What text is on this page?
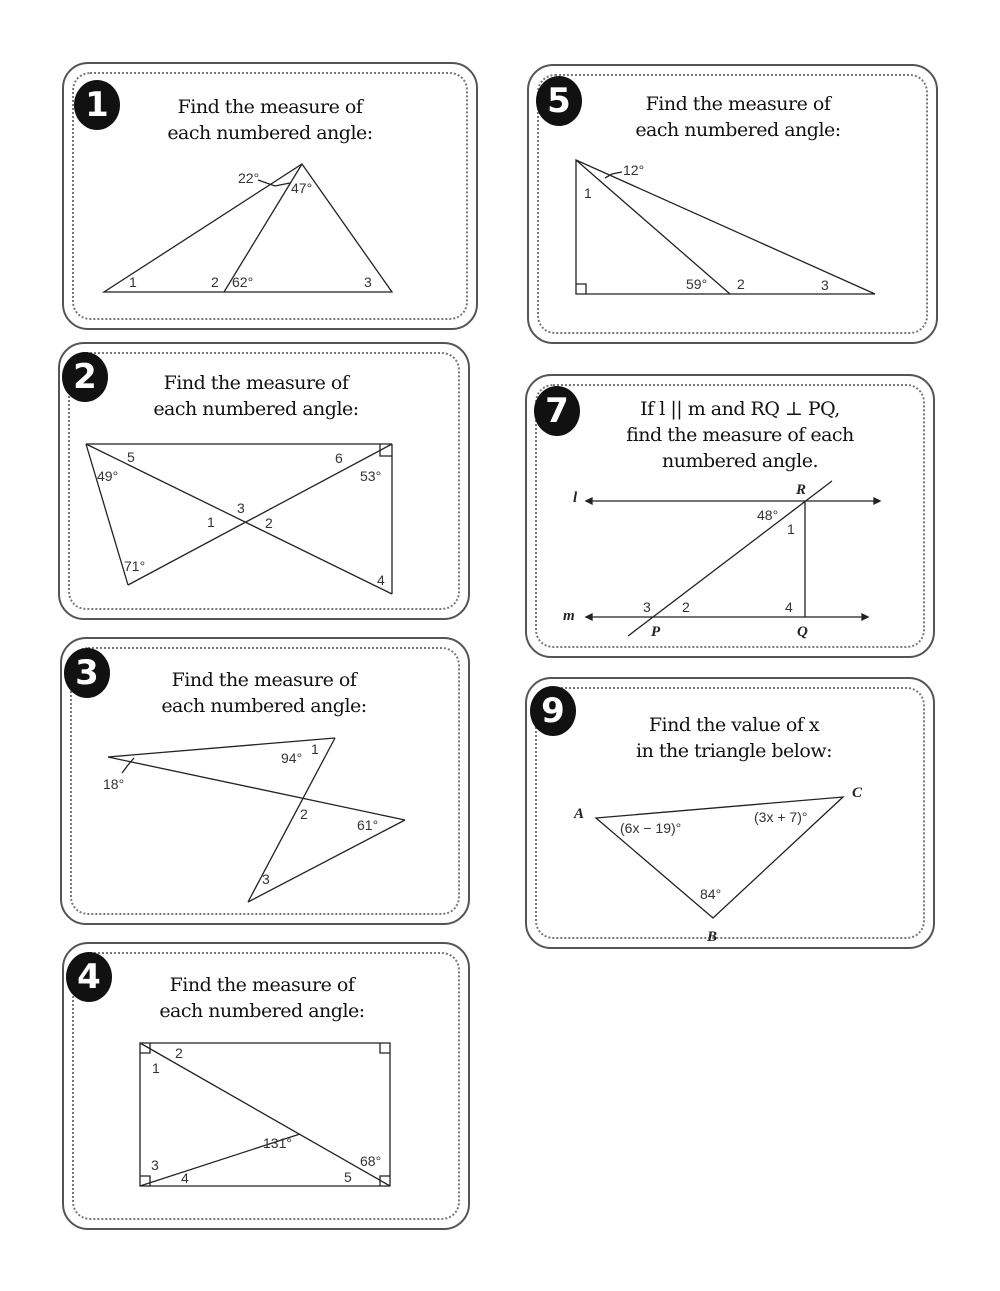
1	Find the measure of
each numbered angle:
5	Find the measure of
each numbered angle:
2	Find the measure of
each numbered angle:	7	If l || m and RQ ⊥ PQ,
find the measure of each
numbered angle.
3	Find the measure of
each numbered angle:	9	Find the value of x
in the triangle below:
4	Find the measure of
each numbered angle:
22°
47°
1	2 62°	3
12°
1
59° 2	3
5
49°
6
53°
3
1	2
71°
4
l	R
48°
1
3 2	4
m
P	Q
1
18°
94°
2
61°
3
A
C
(6x − 19)°
(3x + 7)°
84°
B
2
1
131°
68°
3
4	5
